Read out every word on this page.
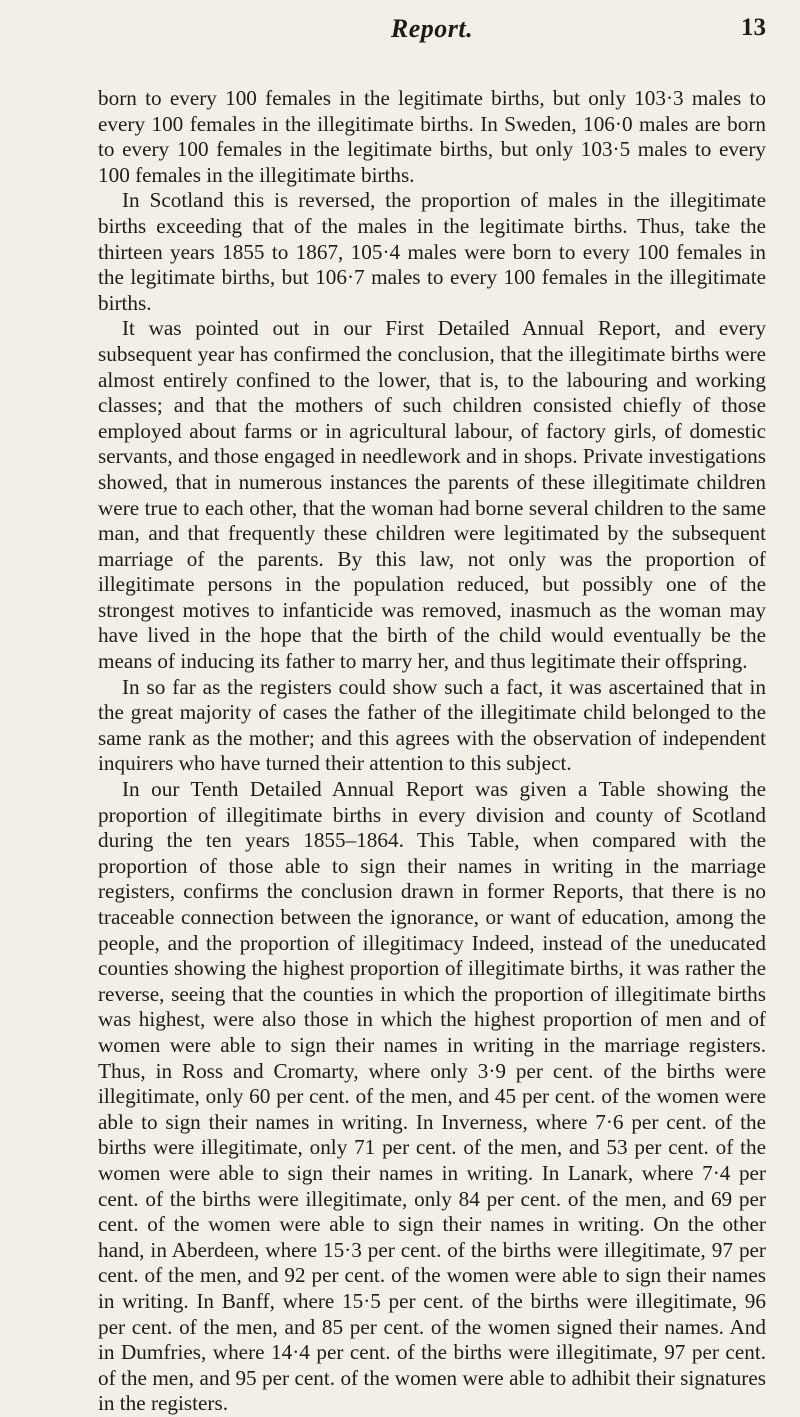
Report.	13

born to every 100 females in the legitimate births, but only 103·3 males to every 100 females in the illegitimate births. In Sweden, 106·0 males are born to every 100 females in the legitimate births, but only 103·5 males to every 100 females in the illegitimate births.

In Scotland this is reversed, the proportion of males in the illegitimate births exceeding that of the males in the legitimate births. Thus, take the thirteen years 1855 to 1867, 105·4 males were born to every 100 females in the legitimate births, but 106·7 males to every 100 females in the illegitimate births.

It was pointed out in our First Detailed Annual Report, and every subsequent year has confirmed the conclusion, that the illegitimate births were almost entirely confined to the lower, that is, to the labouring and working classes; and that the mothers of such children consisted chiefly of those employed about farms or in agricultural labour, of factory girls, of domestic servants, and those engaged in needlework and in shops. Private investigations showed, that in numerous instances the parents of these illegitimate children were true to each other, that the woman had borne several children to the same man, and that frequently these children were legitimated by the subsequent marriage of the parents. By this law, not only was the proportion of illegitimate persons in the population reduced, but possibly one of the strongest motives to infanticide was removed, inasmuch as the woman may have lived in the hope that the birth of the child would eventually be the means of inducing its father to marry her, and thus legitimate their offspring.

In so far as the registers could show such a fact, it was ascertained that in the great majority of cases the father of the illegitimate child belonged to the same rank as the mother; and this agrees with the observation of independent inquirers who have turned their attention to this subject.

In our Tenth Detailed Annual Report was given a Table showing the proportion of illegitimate births in every division and county of Scotland during the ten years 1855–1864. This Table, when compared with the proportion of those able to sign their names in writing in the marriage registers, confirms the conclusion drawn in former Reports, that there is no traceable connection between the ignorance, or want of education, among the people, and the proportion of illegitimacy Indeed, instead of the uneducated counties showing the highest proportion of illegitimate births, it was rather the reverse, seeing that the counties in which the proportion of illegitimate births was highest, were also those in which the highest proportion of men and of women were able to sign their names in writing in the marriage registers. Thus, in Ross and Cromarty, where only 3·9 per cent. of the births were illegitimate, only 60 per cent. of the men, and 45 per cent. of the women were able to sign their names in writing. In Inverness, where 7·6 per cent. of the births were illegitimate, only 71 per cent. of the men, and 53 per cent. of the women were able to sign their names in writing. In Lanark, where 7·4 per cent. of the births were illegitimate, only 84 per cent. of the men, and 69 per cent. of the women were able to sign their names in writing. On the other hand, in Aberdeen, where 15·3 per cent. of the births were illegitimate, 97 per cent. of the men, and 92 per cent. of the women were able to sign their names in writing. In Banff, where 15·5 per cent. of the births were illegitimate, 96 per cent. of the men, and 85 per cent. of the women signed their names. And in Dumfries, where 14·4 per cent. of the births were illegitimate, 97 per cent. of the men, and 95 per cent. of the women were able to adhibit their signatures in the registers.
